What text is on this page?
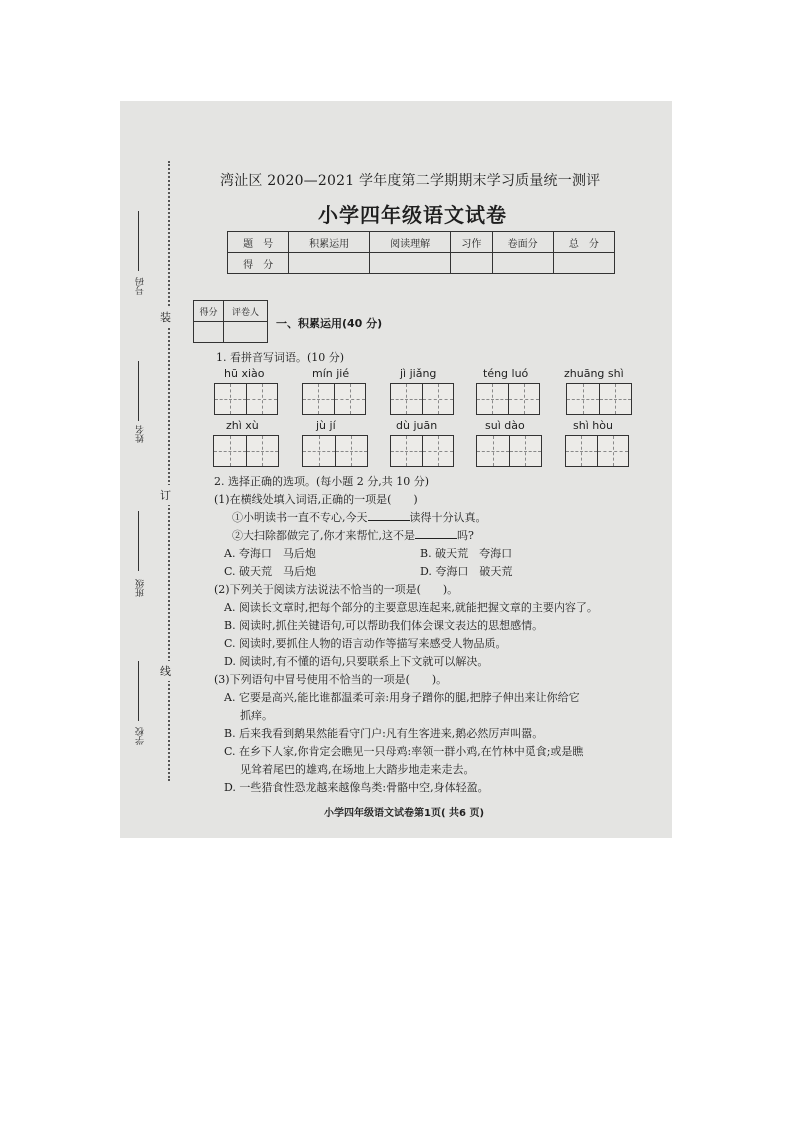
号码
姓名
班级
学校
装
订
线
湾沚区 2020—2021 学年度第二学期期末学习质量统一测评
小学四年级语文试卷
题　号	积累运用	阅读理解	习作	卷面分	总　分
得　分					
得分	评卷人

一、积累运用(40 分)
1. 看拼音写词语。(10 分)
hū xiào	mín jié	jì jiǎng	téng luó	zhuāng shì
zhì xù	jù jí	dù juān	suì dào	shì hòu
2. 选择正确的选项。(每小题 2 分,共 10 分)
(1)在横线处填入词语,正确的一项是(　　)
①小明读书一直不专心,今天	读得十分认真。
②大扫除都做完了,你才来帮忙,这不是	吗?
A. 夸海口　马后炮	B. 破天荒　夸海口
C. 破天荒　马后炮	D. 夸海口　破天荒
(2)下列关于阅读方法说法不恰当的一项是(　　)。
A. 阅读长文章时,把每个部分的主要意思连起来,就能把握文章的主要内容了。
B. 阅读时,抓住关键语句,可以帮助我们体会课文表达的思想感情。
C. 阅读时,要抓住人物的语言动作等描写来感受人物品质。
D. 阅读时,有不懂的语句,只要联系上下文就可以解决。
(3)下列语句中冒号使用不恰当的一项是(　　)。
A. 它要是高兴,能比谁都温柔可亲:用身子蹭你的腿,把脖子伸出来让你给它
抓痒。
B. 后来我看到鹅果然能看守门户:凡有生客进来,鹅必然厉声叫嚣。
C. 在乡下人家,你肯定会瞧见一只母鸡:率领一群小鸡,在竹林中觅食;或是瞧
见耸着尾巴的雄鸡,在场地上大踏步地走来走去。
D. 一些猎食性恐龙越来越像鸟类:骨骼中空,身体轻盈。
小学四年级语文试卷第1页( 共6 页)
